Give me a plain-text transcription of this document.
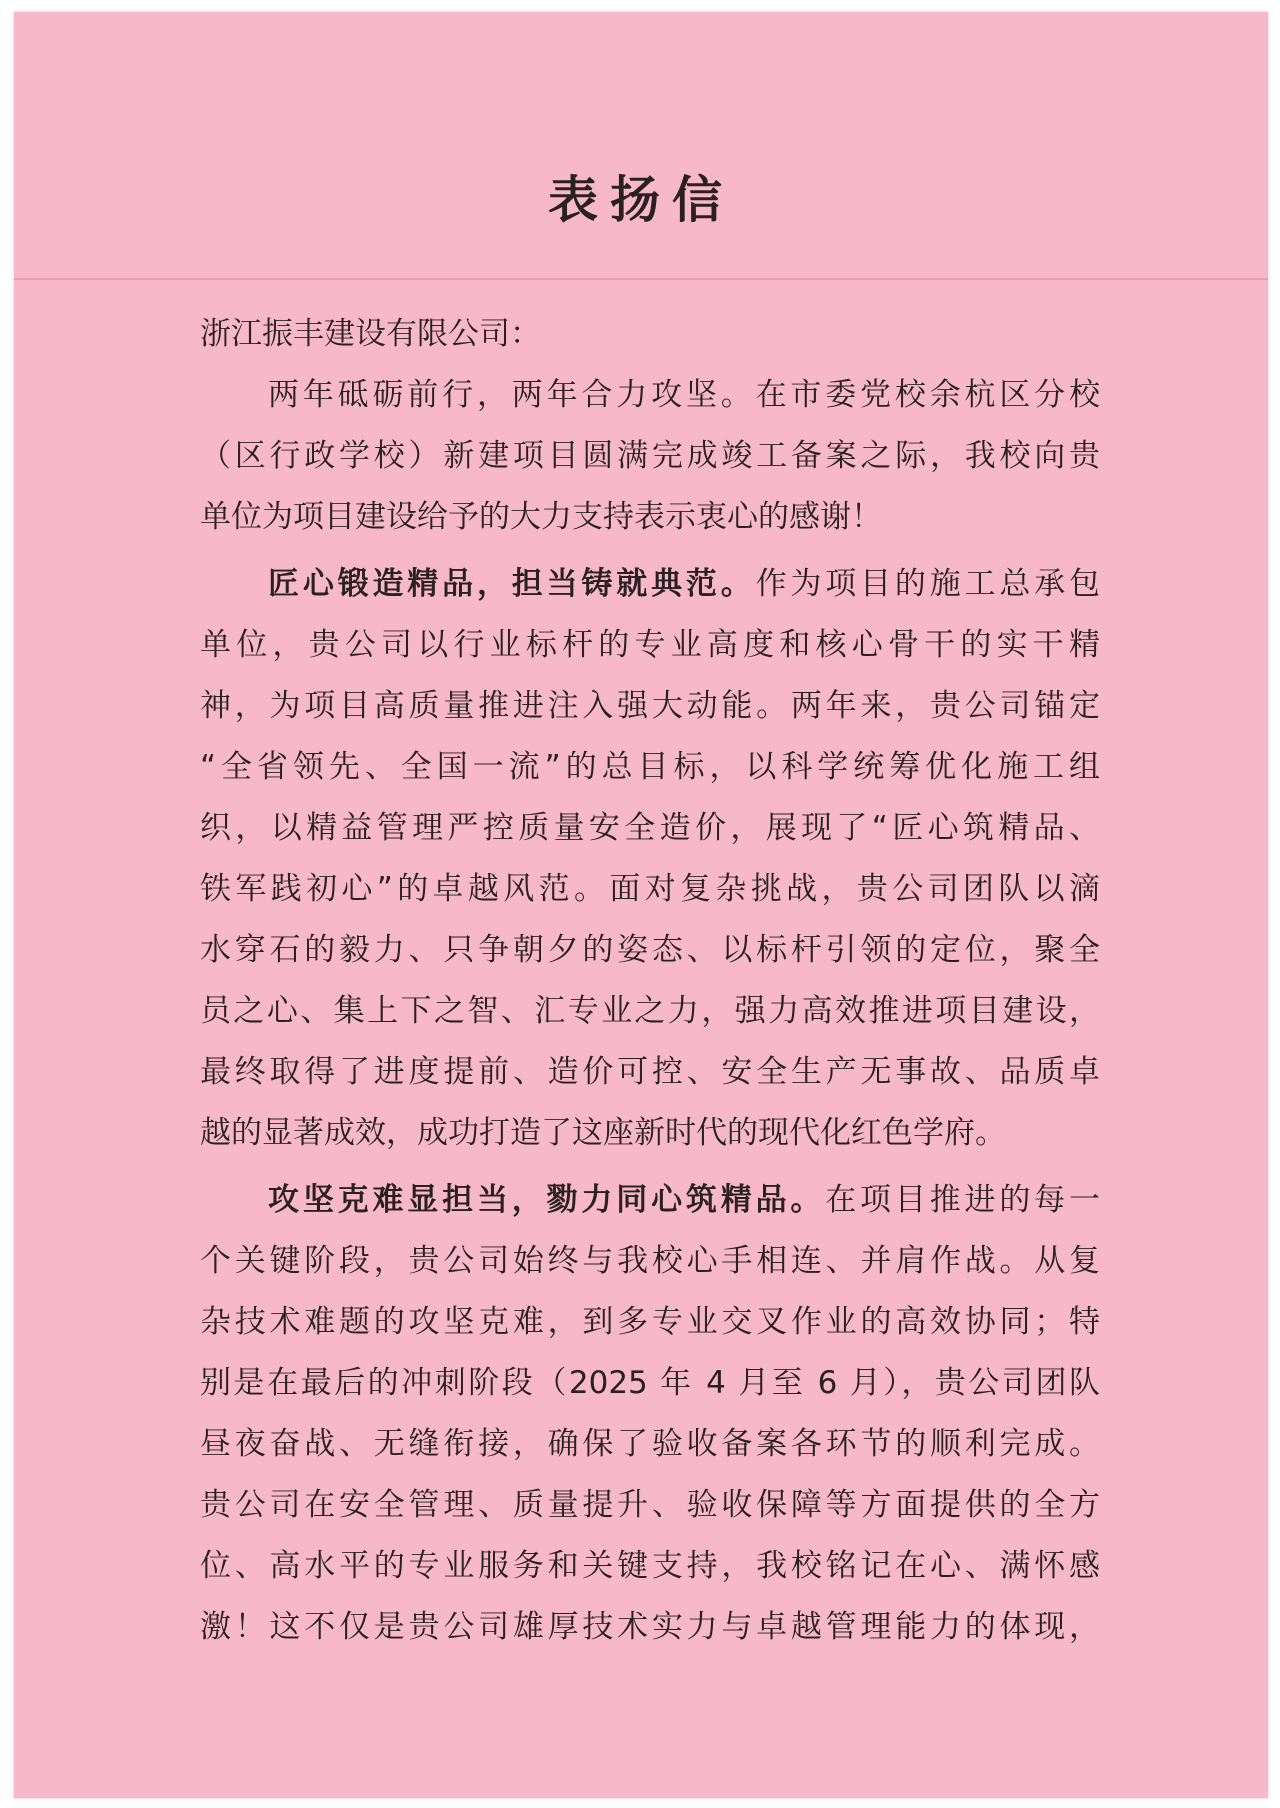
表扬信
浙江振丰建设有限公司：
两年砥砺前行，两年合力攻坚。在市委党校余杭区分校
（区行政学校）新建项目圆满完成竣工备案之际，我校向贵
单位为项目建设给予的大力支持表示衷心的感谢！
匠心锻造精品，担当铸就典范。作为项目的施工总承包
单位，贵公司以行业标杆的专业高度和核心骨干的实干精
神，为项目高质量推进注入强大动能。两年来，贵公司锚定
“全省领先、全国一流”的总目标，以科学统筹优化施工组
织，以精益管理严控质量安全造价，展现了“匠心筑精品、
铁军践初心”的卓越风范。面对复杂挑战，贵公司团队以滴
水穿石的毅力、只争朝夕的姿态、以标杆引领的定位，聚全
员之心、集上下之智、汇专业之力，强力高效推进项目建设，
最终取得了进度提前、造价可控、安全生产无事故、品质卓
越的显著成效，成功打造了这座新时代的现代化红色学府。
攻坚克难显担当，勠力同心筑精品。在项目推进的每一
个关键阶段，贵公司始终与我校心手相连、并肩作战。从复
杂技术难题的攻坚克难，到多专业交叉作业的高效协同；特
别是在最后的冲刺阶段（2025 年 4 月至 6 月），贵公司团队
昼夜奋战、无缝衔接，确保了验收备案各环节的顺利完成。
贵公司在安全管理、质量提升、验收保障等方面提供的全方
位、高水平的专业服务和关键支持，我校铭记在心、满怀感
激！这不仅是贵公司雄厚技术实力与卓越管理能力的体现，
